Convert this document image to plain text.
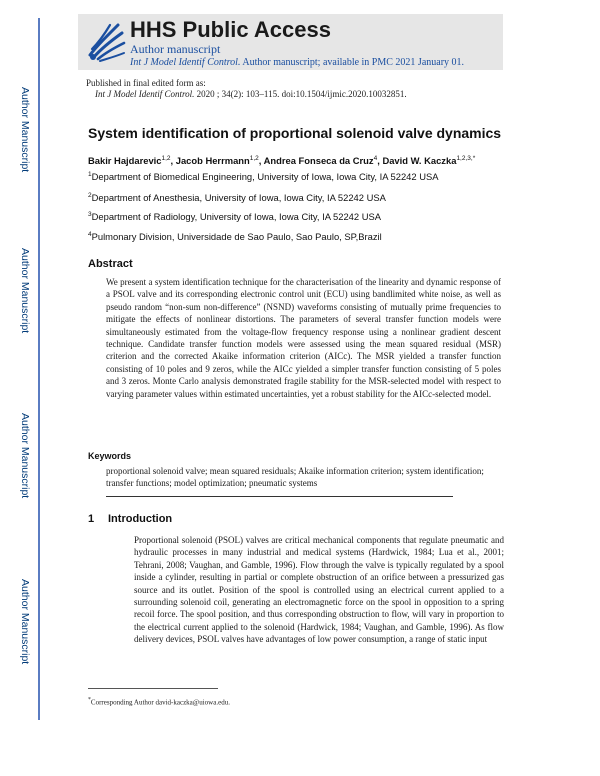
Author Manuscript
Author Manuscript
Author Manuscript
Author Manuscript
HHS Public Access
Author manuscript
Int J Model Identif Control. Author manuscript; available in PMC 2021 January 01.
Published in final edited form as:
Int J Model Identif Control. 2020 ; 34(2): 103–115. doi:10.1504/ijmic.2020.10032851.
System identification of proportional solenoid valve dynamics
Bakir Hajdarevic$^{1,2}$, Jacob Herrmann$^{1,2}$, Andrea Fonseca da Cruz$^4$, David W. Kaczka$^{1,2,3,*}$
$^1$Department of Biomedical Engineering, University of Iowa, Iowa City, IA 52242 USA
$^2$Department of Anesthesia, University of Iowa, Iowa City, IA 52242 USA
$^3$Department of Radiology, University of Iowa, Iowa City, IA 52242 USA
$^4$Pulmonary Division, Universidade de Sao Paulo, Sao Paulo, SP,Brazil
Abstract
We present a system identification technique for the characterisation of the linearity and dynamic response of a PSOL valve and its corresponding electronic control unit (ECU) using bandlimited white noise, as well as pseudo random “non-sum non-difference” (NSND) waveforms consisting of mutually prime frequencies to mitigate the effects of nonlinear distortions. The parameters of several transfer function models were simultaneously estimated from the voltage-flow frequency response using a nonlinear gradient descent technique. Candidate transfer function models were assessed using the mean squared residual (MSR) criterion and the corrected Akaike information criterion (AICc). The MSR yielded a transfer function consisting of 10 poles and 9 zeros, while the AICc yielded a simpler transfer function consisting of 5 poles and 3 zeros. Monte Carlo analysis demonstrated fragile stability for the MSR-selected model with respect to varying parameter values within estimated uncertainties, yet a robust stability for the AICc-selected model.
Keywords
proportional solenoid valve; mean squared residuals; Akaike information criterion; system identification; transfer functions; model optimization; pneumatic systems
1 Introduction
Proportional solenoid (PSOL) valves are critical mechanical components that regulate pneumatic and hydraulic processes in many industrial and medical systems (Hardwick, 1984; Lua et al., 2001; Tehrani, 2008; Vaughan, and Gamble, 1996). Flow through the valve is typically regulated by a spool inside a cylinder, resulting in partial or complete obstruction of an orifice between a pressurized gas source and its outlet. Position of the spool is controlled using an electrical current applied to a surrounding solenoid coil, generating an electromagnetic force on the spool in opposition to a spring recoil force. The spool position, and thus corresponding obstruction to flow, will vary in proportion to the electrical current applied to the solenoid (Hardwick, 1984; Vaughan, and Gamble, 1996). As flow delivery devices, PSOL valves have advantages of low power consumption, a range of static input
*Corresponding Author david-kaczka@uiowa.edu.
